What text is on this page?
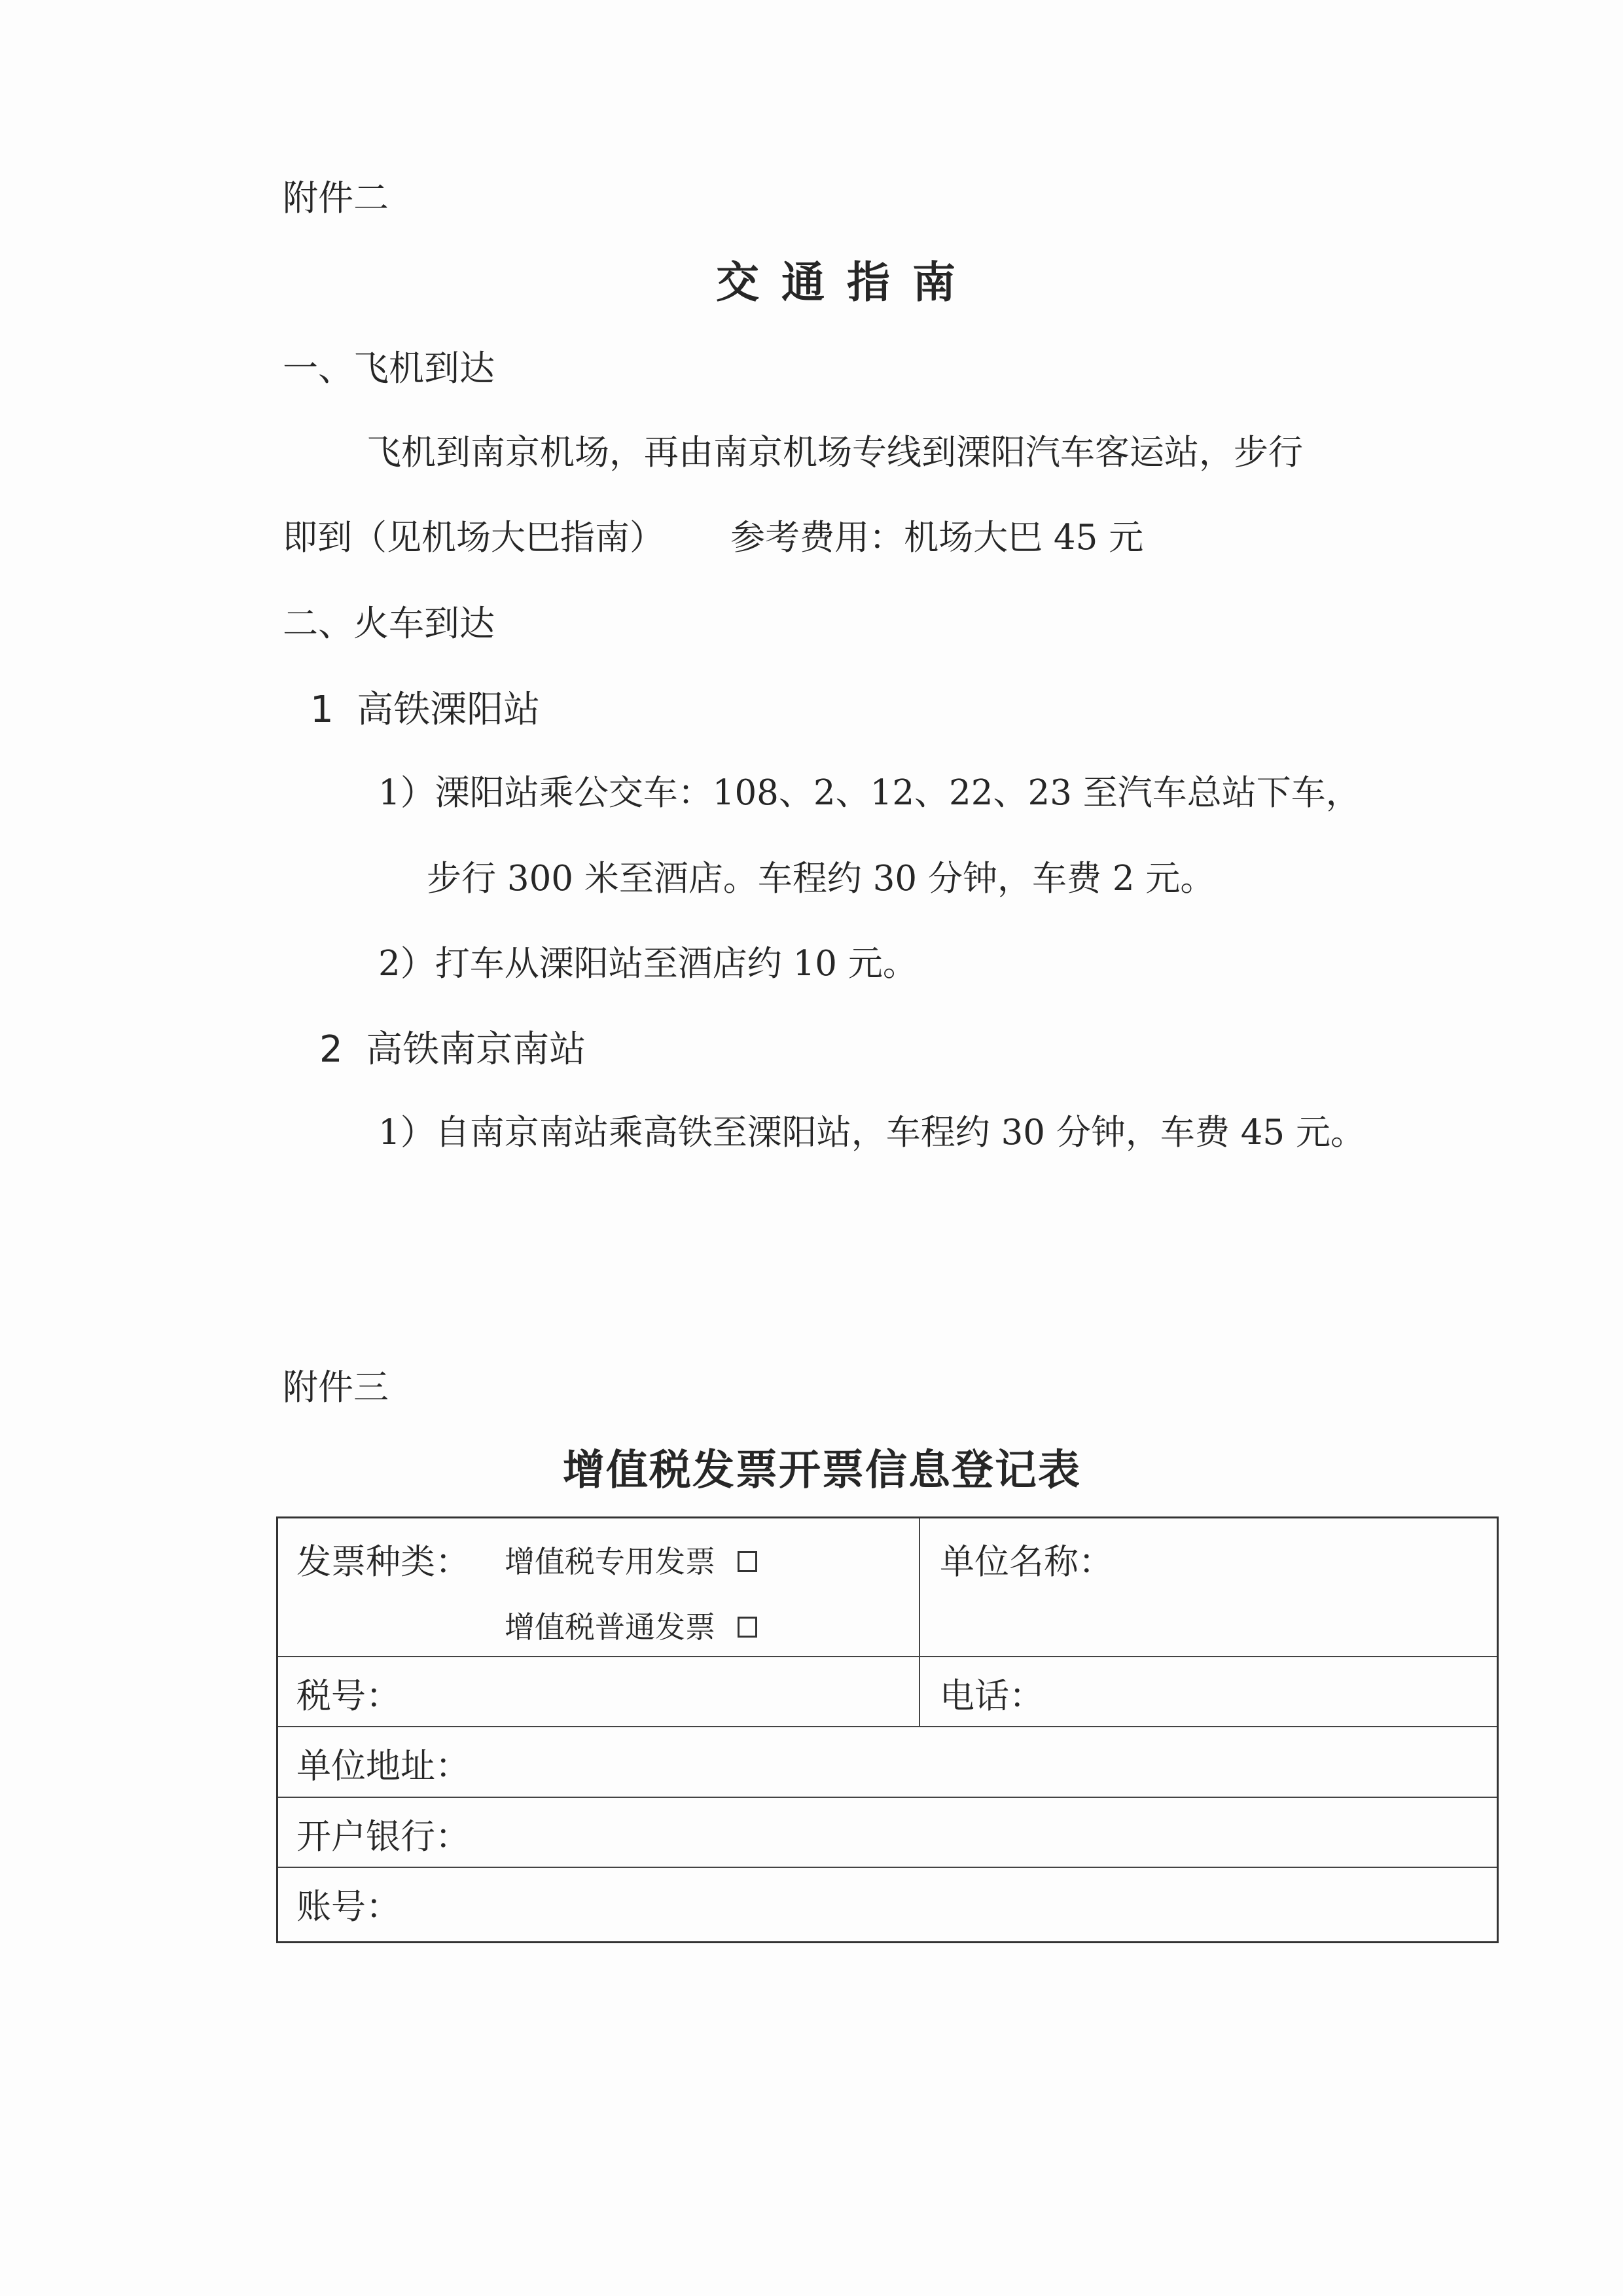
附件二
交通指南
一、飞机到达
飞机到南京机场，再由南京机场专线到溧阳汽车客运站，步行
即到（见机场大巴指南）      参考费用：机场大巴 45 元
二、火车到达
1  高铁溧阳站
1）溧阳站乘公交车：108、2、12、22、23 至汽车总站下车，
步行 300 米至酒店。车程约 30 分钟，车费 2 元。
2）打车从溧阳站至酒店约 10 元。
2  高铁南京南站
1）自南京南站乘高铁至溧阳站，车程约 30 分钟，车费 45 元。
附件三
增值税发票开票信息登记表
发票种类： 增值税专用发票
增值税普通发票
单位名称：
税号：	电话：
单位地址：
开户银行：
账号：
